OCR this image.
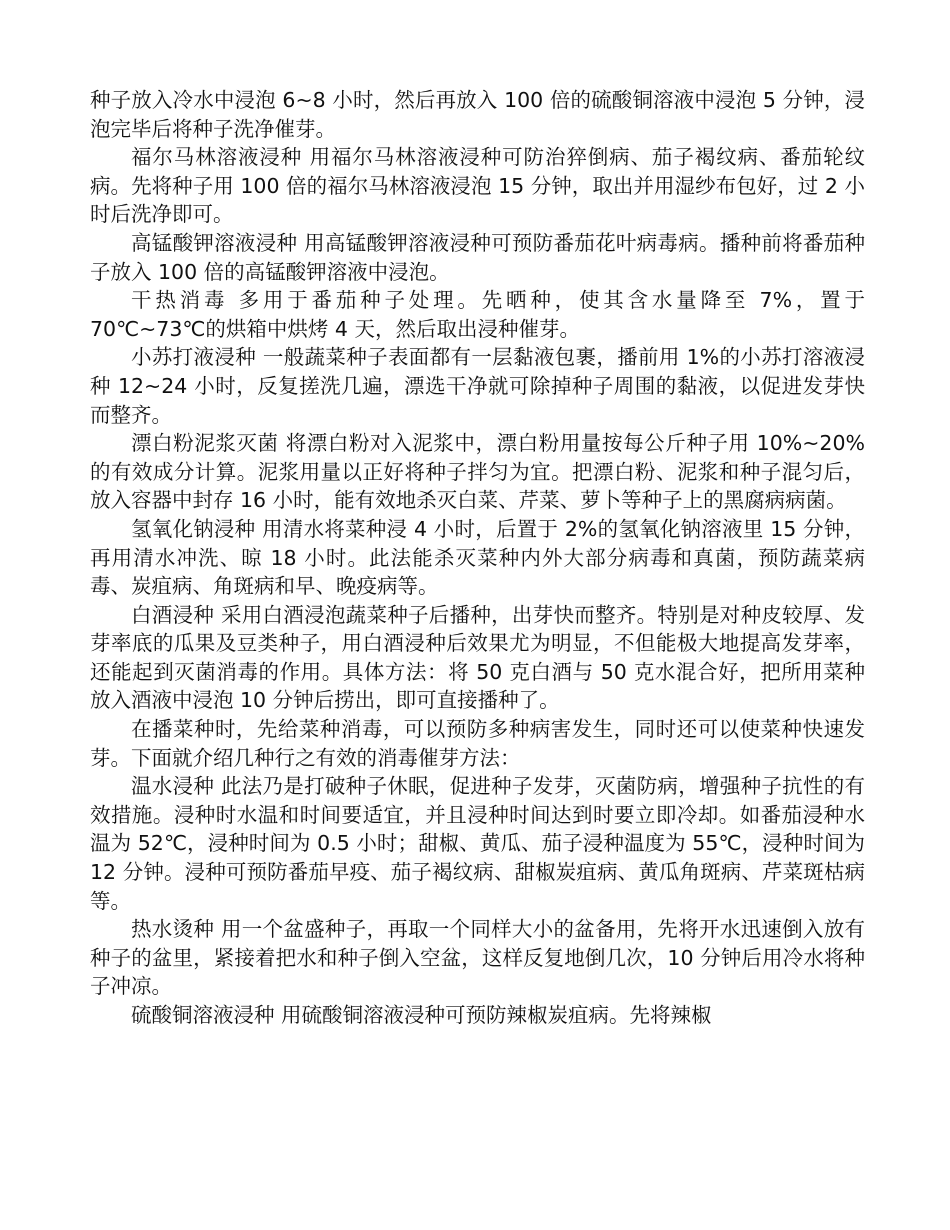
种子放入冷水中浸泡 6~8 小时，然后再放入 100 倍的硫酸铜溶液中浸泡 5 分钟，浸泡完毕后将种子洗净催芽。

福尔马林溶液浸种 用福尔马林溶液浸种可防治猝倒病、茄子褐纹病、番茄轮纹病。先将种子用 100 倍的福尔马林溶液浸泡 15 分钟，取出并用湿纱布包好，过 2 小时后洗净即可。

高锰酸钾溶液浸种 用高锰酸钾溶液浸种可预防番茄花叶病毒病。播种前将番茄种子放入 100 倍的高锰酸钾溶液中浸泡。

干热消毒 多用于番茄种子处理。先晒种，使其含水量降至 7%，置于 70℃~73℃的烘箱中烘烤 4 天，然后取出浸种催芽。

小苏打液浸种 一般蔬菜种子表面都有一层黏液包裹，播前用 1%的小苏打溶液浸种 12~24 小时，反复搓洗几遍，漂选干净就可除掉种子周围的黏液，以促进发芽快而整齐。

漂白粉泥浆灭菌 将漂白粉对入泥浆中，漂白粉用量按每公斤种子用 10%~20%的有效成分计算。泥浆用量以正好将种子拌匀为宜。把漂白粉、泥浆和种子混匀后，放入容器中封存 16 小时，能有效地杀灭白菜、芹菜、萝卜等种子上的黑腐病病菌。

氢氧化钠浸种 用清水将菜种浸 4 小时，后置于 2%的氢氧化钠溶液里 15 分钟，再用清水冲洗、晾 18 小时。此法能杀灭菜种内外大部分病毒和真菌，预防蔬菜病毒、炭疽病、角斑病和早、晚疫病等。

白酒浸种 采用白酒浸泡蔬菜种子后播种，出芽快而整齐。特别是对种皮较厚、发芽率底的瓜果及豆类种子，用白酒浸种后效果尤为明显，不但能极大地提高发芽率，还能起到灭菌消毒的作用。具体方法：将 50 克白酒与 50 克水混合好，把所用菜种放入酒液中浸泡 10 分钟后捞出，即可直接播种了。

在播菜种时，先给菜种消毒，可以预防多种病害发生，同时还可以使菜种快速发芽。下面就介绍几种行之有效的消毒催芽方法：

温水浸种 此法乃是打破种子休眠，促进种子发芽，灭菌防病，增强种子抗性的有效措施。浸种时水温和时间要适宜，并且浸种时间达到时要立即冷却。如番茄浸种水温为 52℃，浸种时间为 0.5 小时；甜椒、黄瓜、茄子浸种温度为 55℃，浸种时间为 12 分钟。浸种可预防番茄早疫、茄子褐纹病、甜椒炭疽病、黄瓜角斑病、芹菜斑枯病等。

热水烫种 用一个盆盛种子，再取一个同样大小的盆备用，先将开水迅速倒入放有种子的盆里，紧接着把水和种子倒入空盆，这样反复地倒几次，10 分钟后用冷水将种子冲凉。

硫酸铜溶液浸种 用硫酸铜溶液浸种可预防辣椒炭疽病。先将辣椒
